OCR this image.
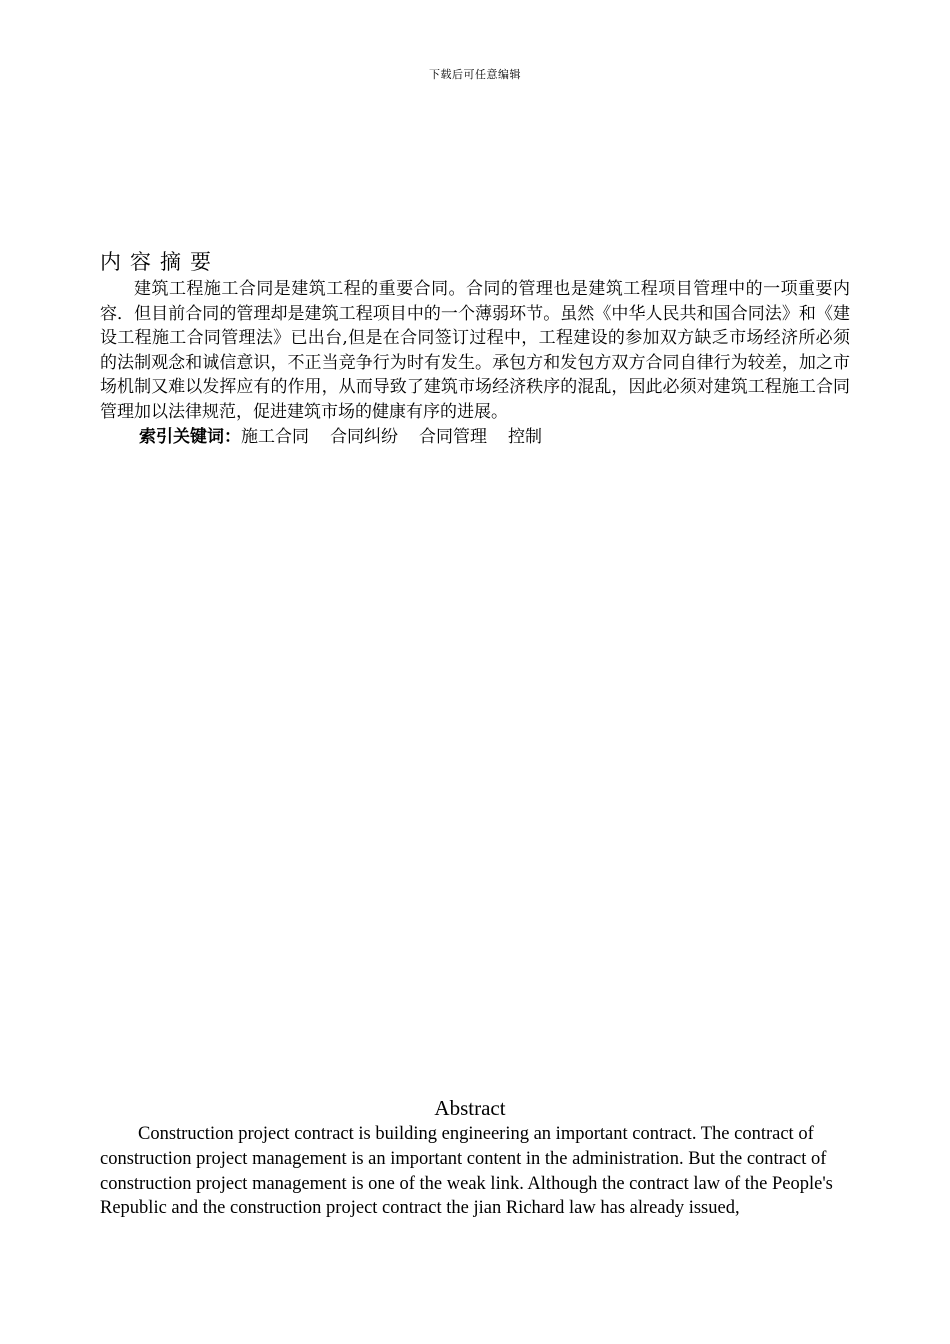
下载后可任意编辑
内容摘要

建筑工程施工合同是建筑工程的重要合同。合同的管理也是建筑工程项目管理中的一项重要内容．但目前合同的管理却是建筑工程项目中的一个薄弱环节。虽然《中华人民共和国合同法》和《建设工程施工合同管理法》已出台,但是在合同签订过程中，工程建设的参加双方缺乏市场经济所必须的法制观念和诚信意识，不正当竞争行为时有发生。承包方和发包方双方合同自律行为较差，加之市场机制又难以发挥应有的作用，从而导致了建筑市场经济秩序的混乱，因此必须对建筑工程施工合同管理加以法律规范，促进建筑市场的健康有序的进展。

索引关键词：施工合同 合同纠纷 合同管理 控制

Abstract

Construction project contract is building engineering an important contract. The contract of construction project management is an important content in the administration. But the contract of construction project management is one of the weak link. Although the contract law of the People's Republic and the construction project contract the jian Richard law has already issued,
